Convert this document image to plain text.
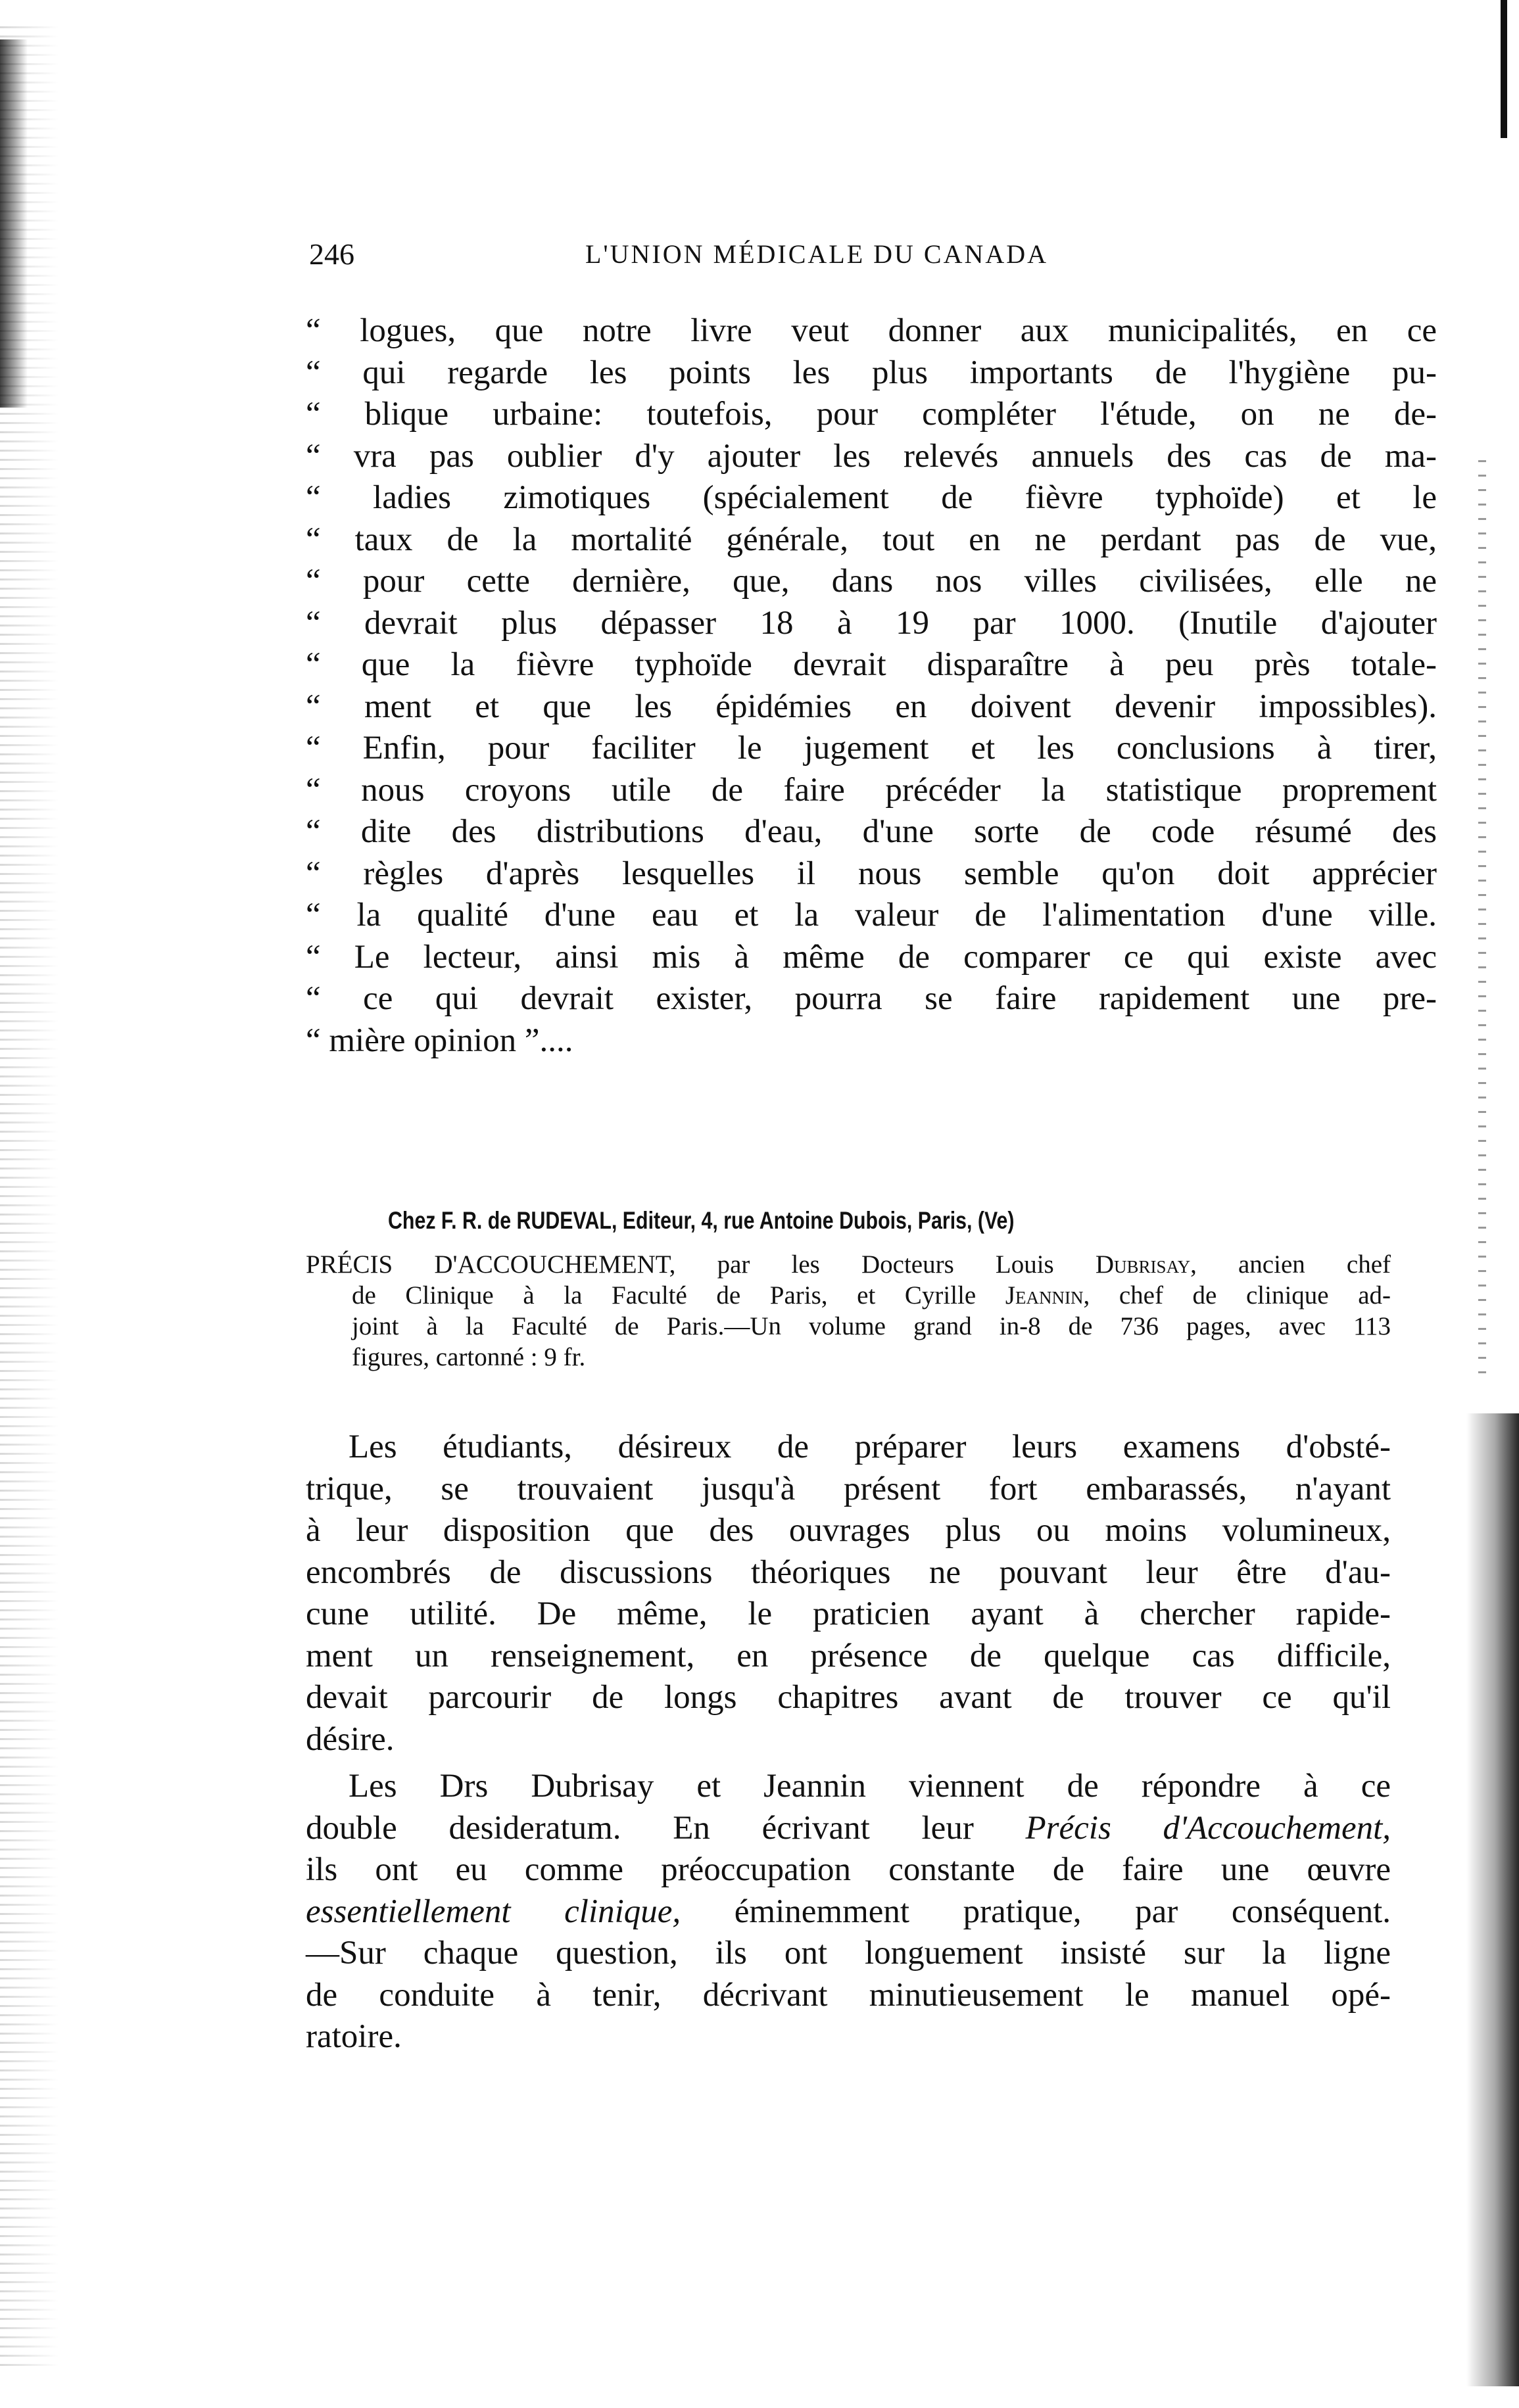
246	L'UNION MÉDICALE DU CANADA
“ logues, que notre livre veut donner aux municipalités, en ce
“ qui regarde les points les plus importants de l'hygiène pu-
“ blique urbaine: toutefois, pour compléter l'étude, on ne de-
“ vra pas oublier d'y ajouter les relevés annuels des cas de ma-
“ ladies zimotiques (spécialement de fièvre typhoïde) et le
“ taux de la mortalité générale, tout en ne perdant pas de vue,
“ pour cette dernière, que, dans nos villes civilisées, elle ne
“ devrait plus dépasser 18 à 19 par 1000. (Inutile d'ajouter
“ que la fièvre typhoïde devrait disparaître à peu près totale-
“ ment et que les épidémies en doivent devenir impossibles).
“ Enfin, pour faciliter le jugement et les conclusions à tirer,
“ nous croyons utile de faire précéder la statistique proprement
“ dite des distributions d'eau, d'une sorte de code résumé des
“ règles d'après lesquelles il nous semble qu'on doit apprécier
“ la qualité d'une eau et la valeur de l'alimentation d'une ville.
“ Le lecteur, ainsi mis à même de comparer ce qui existe avec
“ ce qui devrait exister, pourra se faire rapidement une pre-
“ mière opinion ”....
Chez F. R. de RUDEVAL, Editeur, 4, rue Antoine Dubois, Paris, (Ve)
PRÉCIS D'ACCOUCHEMENT, par les Docteurs Louis Dubrisay, ancien chef
de Clinique à la Faculté de Paris, et Cyrille Jeannin, chef de clinique ad-
joint à la Faculté de Paris.—Un volume grand in-8 de 736 pages, avec 113
figures, cartonné : 9 fr.
Les étudiants, désireux de préparer leurs examens d'obsté-
trique, se trouvaient jusqu'à présent fort embarassés, n'ayant
à leur disposition que des ouvrages plus ou moins volumineux,
encombrés de discussions théoriques ne pouvant leur être d'au-
cune utilité. De même, le praticien ayant à chercher rapide-
ment un renseignement, en présence de quelque cas difficile,
devait parcourir de longs chapitres avant de trouver ce qu'il
désire.
Les Drs Dubrisay et Jeannin viennent de répondre à ce
double desideratum. En écrivant leur Précis d'Accouchement,
ils ont eu comme préoccupation constante de faire une œuvre
essentiellement clinique, éminemment pratique, par conséquent.
—Sur chaque question, ils ont longuement insisté sur la ligne
de conduite à tenir, décrivant minutieusement le manuel opé-
ratoire.
